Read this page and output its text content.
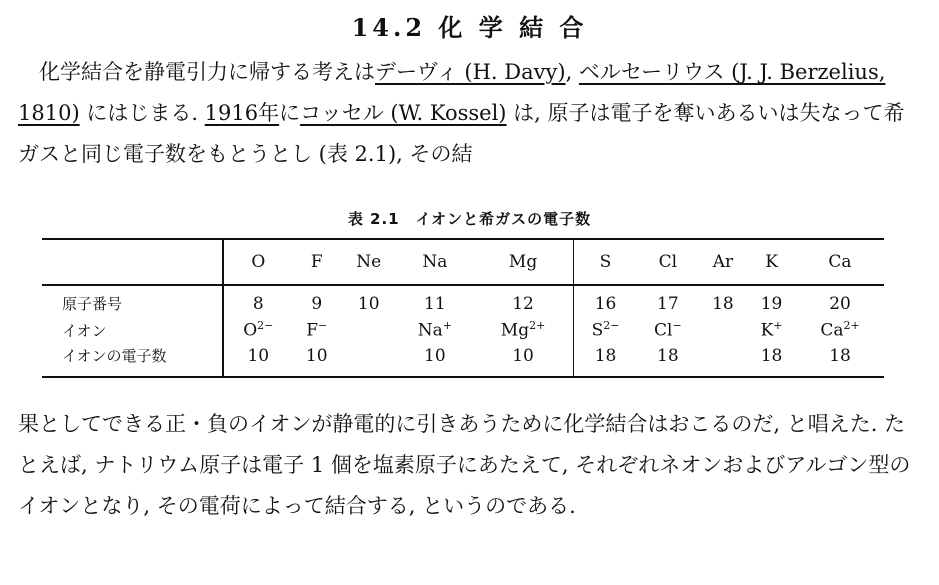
14.2 化 学 結 合

化学結合を静電引力に帰する考えはデーヴィ (H. Davy), ベルセーリウス (J. J. Berzelius, 1810) にはじまる. 1916年にコッセル (W. Kossel) は, 原子は電子を奪いあるいは失なって希ガスと同じ電子数をもとうとし (表 2.1), その結

表 2.1　イオンと希ガスの電子数
	O	F	Ne	Na	Mg	S	Cl	Ar	K	Ca
原子番号	8	9	10	11	12	16	17	18	19	20
イオン	$O^{2-}$	F−		Na+	$Mg^{2+}$	$S^{2-}$	Cl−		K+	$Ca^{2+}$
イオンの電子数	10	10		10	10	18	18		18	18

果としてできる正・負のイオンが静電的に引きあうために化学結合はおこるのだ, と唱えた. たとえば, ナトリウム原子は電子 1 個を塩素原子にあたえて, それぞれネオンおよびアルゴン型のイオンとなり, その電荷によって結合する, というのである.
